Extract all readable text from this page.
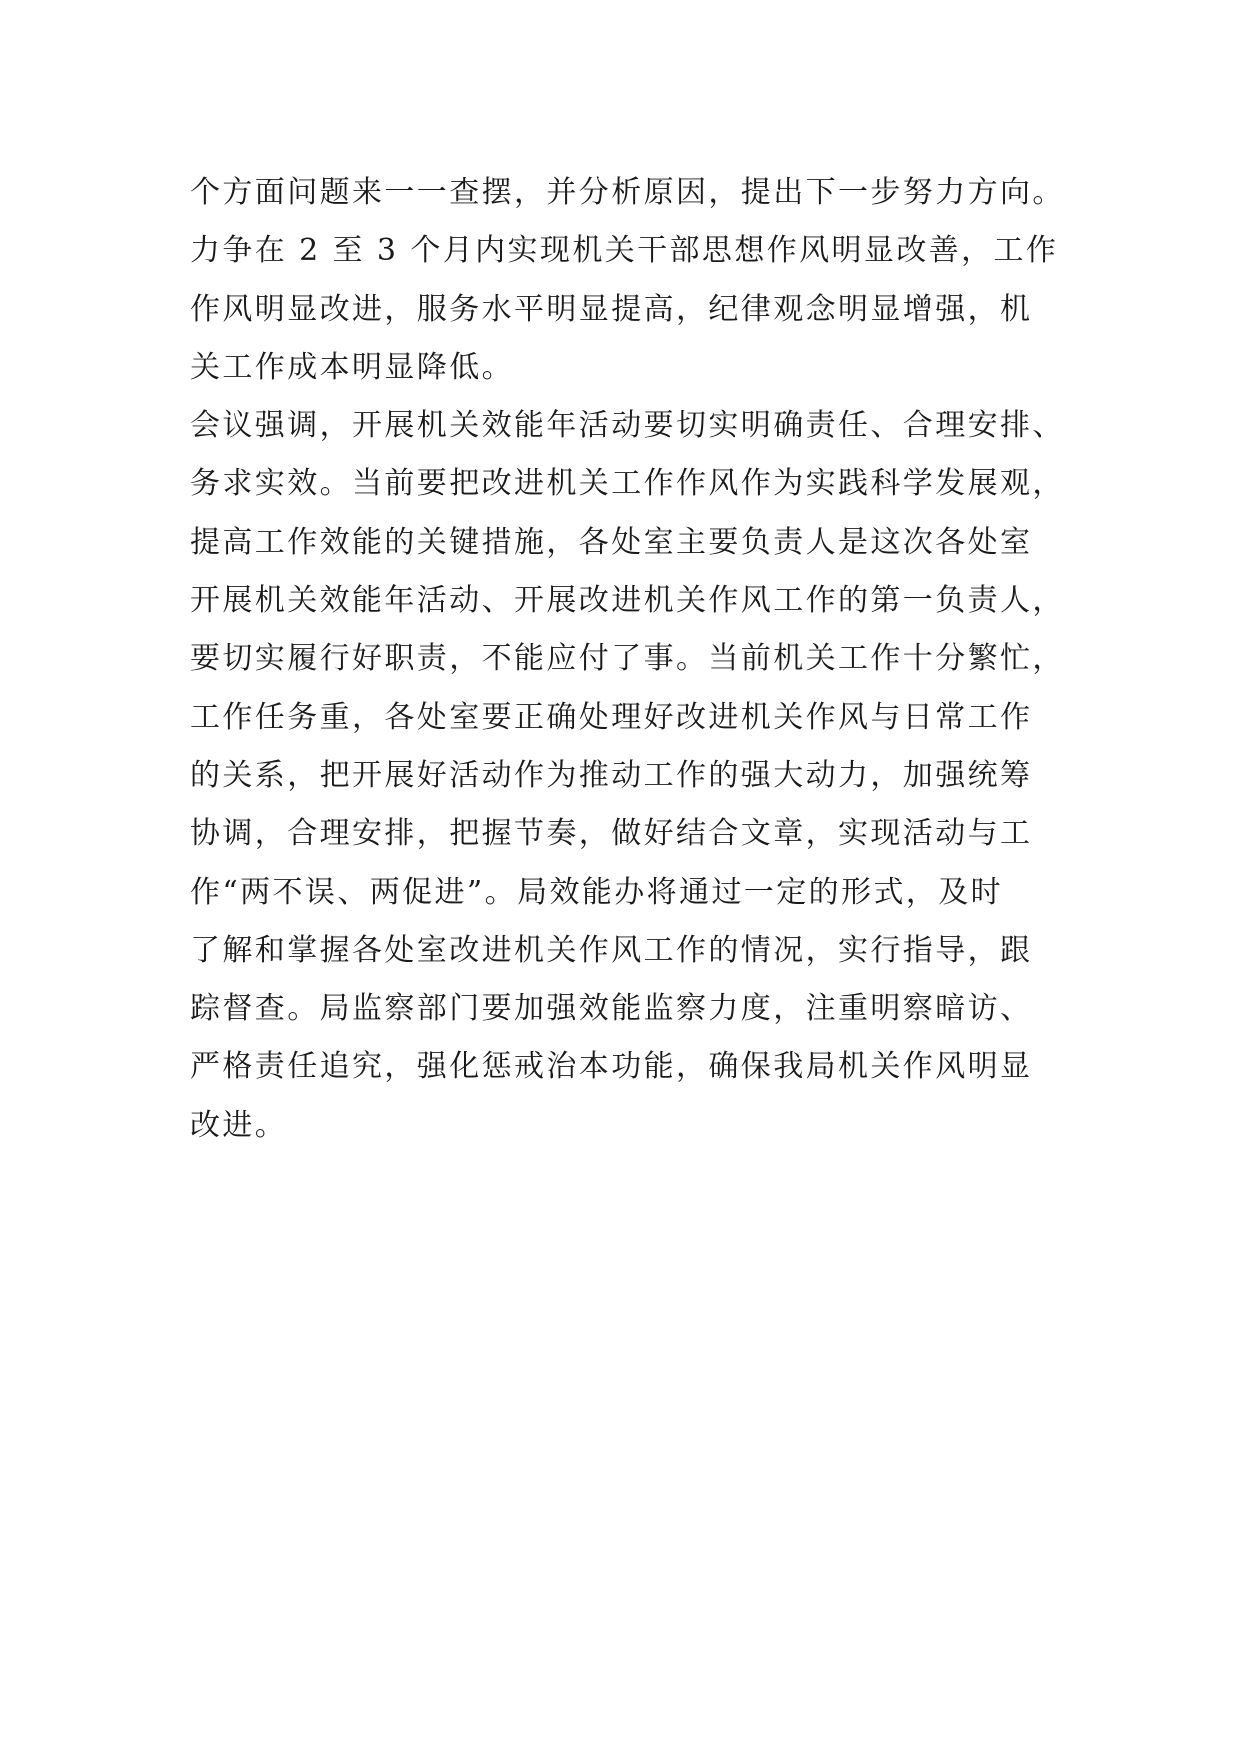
个方面问题来一一查摆，并分析原因，提出下一步努力方向。
力争在 2 至 3 个月内实现机关干部思想作风明显改善，工作
作风明显改进，服务水平明显提高，纪律观念明显增强，机
关工作成本明显降低。
会议强调，开展机关效能年活动要切实明确责任、合理安排、
务求实效。当前要把改进机关工作作风作为实践科学发展观，
提高工作效能的关键措施，各处室主要负责人是这次各处室
开展机关效能年活动、开展改进机关作风工作的第一负责人，
要切实履行好职责，不能应付了事。当前机关工作十分繁忙，
工作任务重，各处室要正确处理好改进机关作风与日常工作
的关系，把开展好活动作为推动工作的强大动力，加强统筹
协调，合理安排，把握节奏，做好结合文章，实现活动与工
作“两不误、两促进”。局效能办将通过一定的形式，及时
了解和掌握各处室改进机关作风工作的情况，实行指导，跟
踪督查。局监察部门要加强效能监察力度，注重明察暗访、
严格责任追究，强化惩戒治本功能，确保我局机关作风明显
改进。
